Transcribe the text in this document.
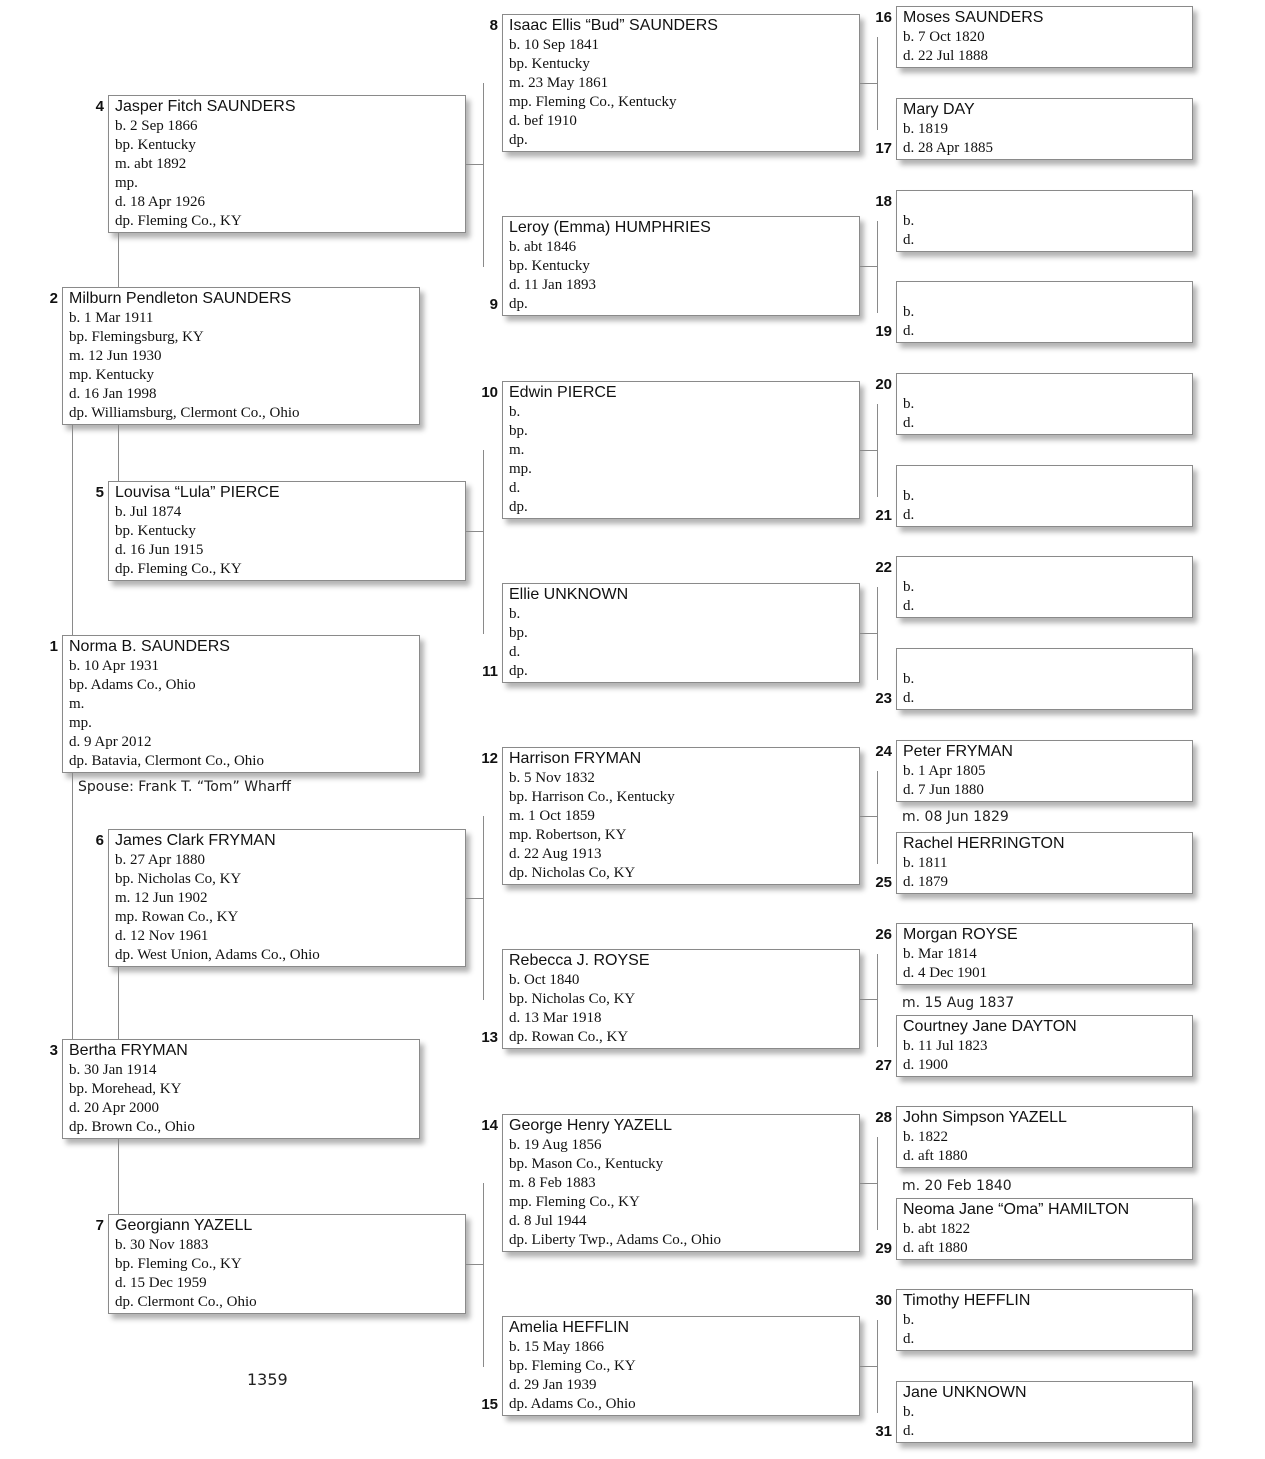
Spouse: Frank T. “Tom” Wharff
m. 08 Jun 1829
m. 15 Aug 1837
m. 20 Feb 1840
1359
Norma B. SAUNDERS
b. 10 Apr 1931
bp. Adams Co., Ohio
m.
mp.
d. 9 Apr 2012
dp. Batavia, Clermont Co., Ohio
1
Milburn Pendleton SAUNDERS
b. 1 Mar 1911
bp. Flemingsburg, KY
m. 12 Jun 1930
mp. Kentucky
d. 16 Jan 1998
dp. Williamsburg, Clermont Co., Ohio
2
Bertha FRYMAN
b. 30 Jan 1914
bp. Morehead, KY
d. 20 Apr 2000
dp. Brown Co., Ohio
3
Jasper Fitch SAUNDERS
b. 2 Sep 1866
bp. Kentucky
m. abt 1892
mp.
d. 18 Apr 1926
dp. Fleming Co., KY
4
Louvisa “Lula” PIERCE
b. Jul 1874
bp. Kentucky
d. 16 Jun 1915
dp. Fleming Co., KY
5
James Clark FRYMAN
b. 27 Apr 1880
bp. Nicholas Co, KY
m. 12 Jun 1902
mp. Rowan Co., KY
d. 12 Nov 1961
dp. West Union, Adams Co., Ohio
6
Georgiann YAZELL
b. 30 Nov 1883
bp. Fleming Co., KY
d. 15 Dec 1959
dp. Clermont Co., Ohio
7
Isaac Ellis “Bud” SAUNDERS
b. 10 Sep 1841
bp. Kentucky
m. 23 May 1861
mp. Fleming Co., Kentucky
d. bef 1910
dp.
8
Leroy (Emma) HUMPHRIES
b. abt 1846
bp. Kentucky
d. 11 Jan 1893
dp.
9
Edwin PIERCE
b.
bp.
m.
mp.
d.
dp.
10
Ellie UNKNOWN
b.
bp.
d.
dp.
11
Harrison FRYMAN
b. 5 Nov 1832
bp. Harrison Co., Kentucky
m. 1 Oct 1859
mp. Robertson, KY
d. 22 Aug 1913
dp. Nicholas Co, KY
12
Rebecca J. ROYSE
b. Oct 1840
bp. Nicholas Co, KY
d. 13 Mar 1918
dp. Rowan Co., KY
13
George Henry YAZELL
b. 19 Aug 1856
bp. Mason Co., Kentucky
m. 8 Feb 1883
mp. Fleming Co., KY
d. 8 Jul 1944
dp. Liberty Twp., Adams Co., Ohio
14
Amelia HEFFLIN
b. 15 May 1866
bp. Fleming Co., KY
d. 29 Jan 1939
dp. Adams Co., Ohio
15
Moses SAUNDERS
b. 7 Oct 1820
d. 22 Jul 1888
16
Mary DAY
b. 1819
d. 28 Apr 1885
17

b.
d.
18

b.
d.
19

b.
d.
20

b.
d.
21

b.
d.
22

b.
d.
23
Peter FRYMAN
b. 1 Apr 1805
d. 7 Jun 1880
24
Rachel HERRINGTON
b. 1811
d. 1879
25
Morgan ROYSE
b. Mar 1814
d. 4 Dec 1901
26
Courtney Jane DAYTON
b. 11 Jul 1823
d. 1900
27
John Simpson YAZELL
b. 1822
d. aft 1880
28
Neoma Jane “Oma” HAMILTON
b. abt 1822
d. aft 1880
29
Timothy HEFFLIN
b.
d.
30
Jane UNKNOWN
b.
d.
31
